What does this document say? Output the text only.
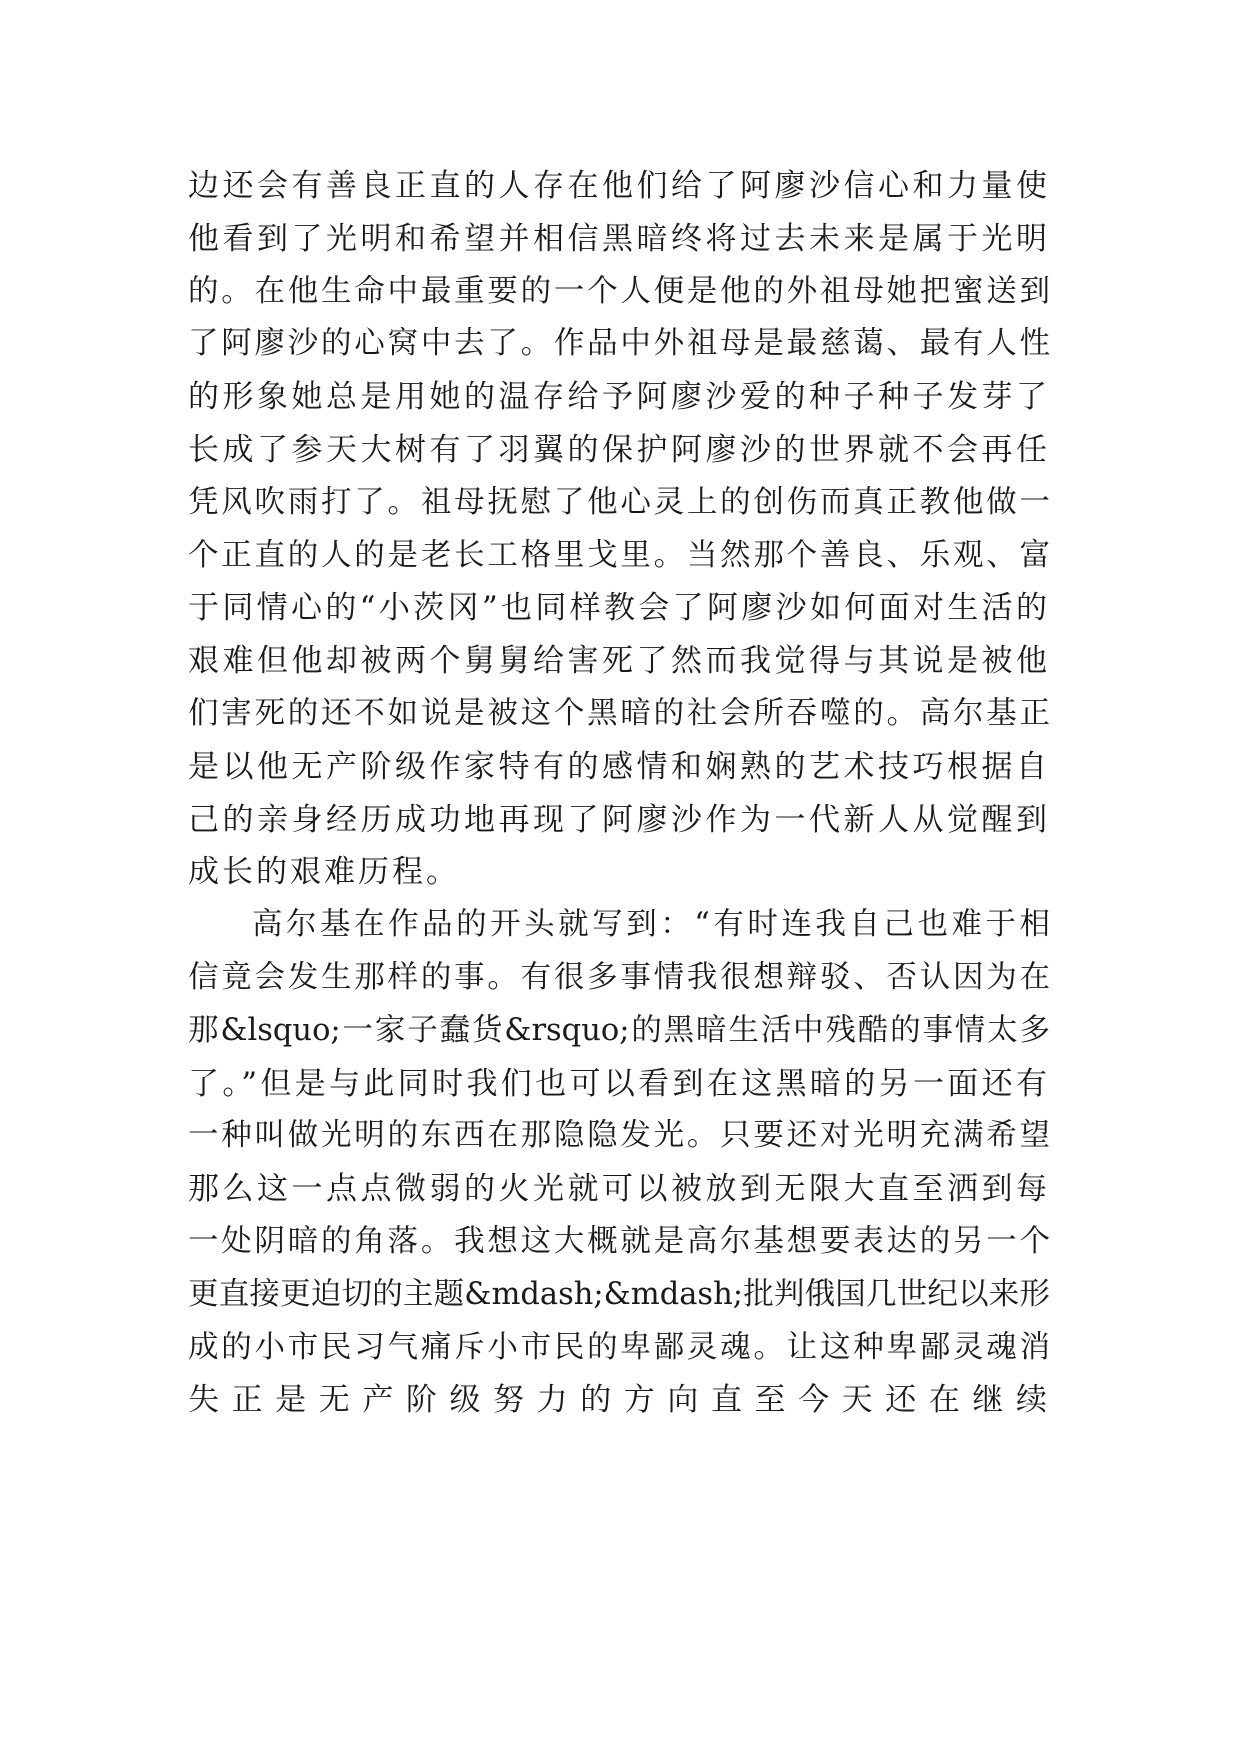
边还会有善良正直的人存在他们给了阿廖沙信心和力量使
他看到了光明和希望并相信黑暗终将过去未来是属于光明
的。在他生命中最重要的一个人便是他的外祖母她把蜜送到
了阿廖沙的心窝中去了。作品中外祖母是最慈蔼、最有人性
的形象她总是用她的温存给予阿廖沙爱的种子种子发芽了
长成了参天大树有了羽翼的保护阿廖沙的世界就不会再任
凭风吹雨打了。祖母抚慰了他心灵上的创伤而真正教他做一
个正直的人的是老长工格里戈里。当然那个善良、乐观、富
于同情心的“小茨冈”也同样教会了阿廖沙如何面对生活的
艰难但他却被两个舅舅给害死了然而我觉得与其说是被他
们害死的还不如说是被这个黑暗的社会所吞噬的。高尔基正
是以他无产阶级作家特有的感情和娴熟的艺术技巧根据自
己的亲身经历成功地再现了阿廖沙作为一代新人从觉醒到
成长的艰难历程。
高尔基在作品的开头就写到：“有时连我自己也难于相
信竟会发生那样的事。有很多事情我很想辩驳、否认因为在
那&lsquo;一家子蠢货&rsquo;的黑暗生活中残酷的事情太多
了。”但是与此同时我们也可以看到在这黑暗的另一面还有
一种叫做光明的东西在那隐隐发光。只要还对光明充满希望
那么这一点点微弱的火光就可以被放到无限大直至洒到每
一处阴暗的角落。我想这大概就是高尔基想要表达的另一个
更直接更迫切的主题&mdash;&mdash;批判俄国几世纪以来形
成的小市民习气痛斥小市民的卑鄙灵魂。让这种卑鄙灵魂消
失正是无产阶级努力的方向直至今天还在继续
